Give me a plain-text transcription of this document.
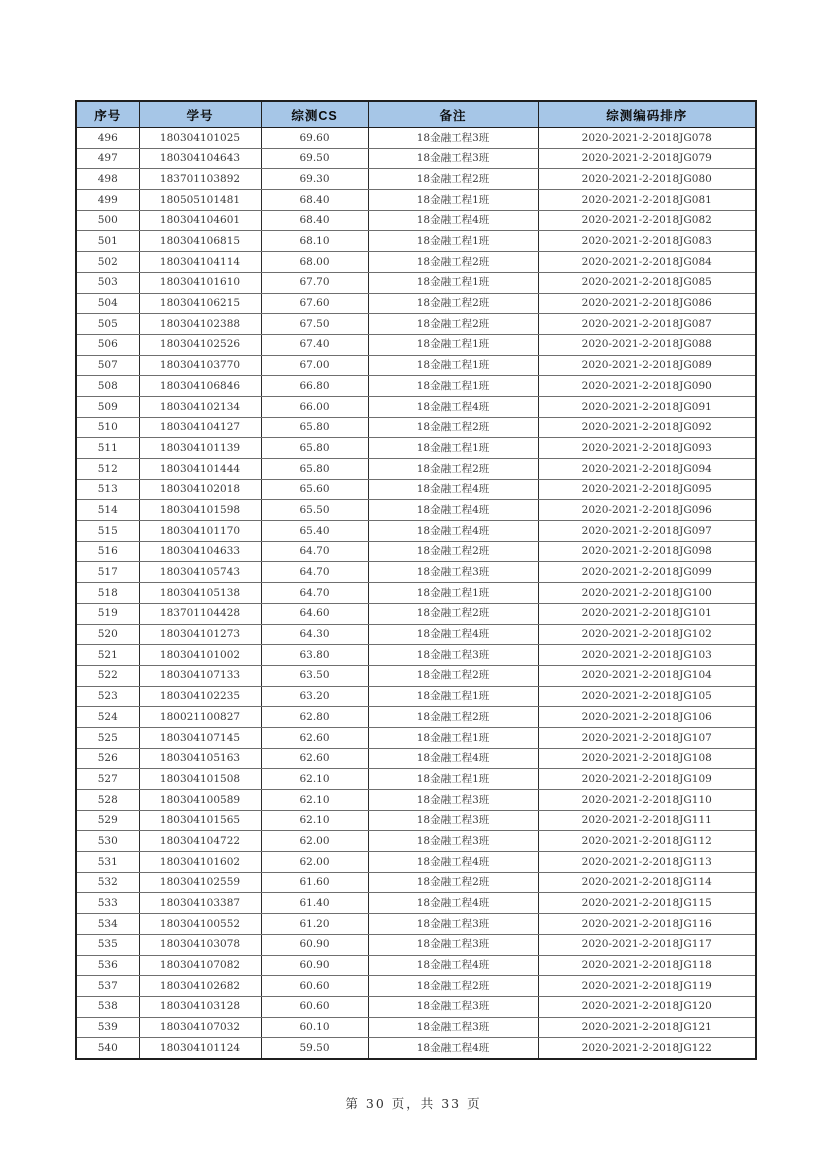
序号	学号	综测CS	备注	综测编码排序
496	180304101025	69.60	18金融工程3班	2020-2021-2-2018JG078
497	180304104643	69.50	18金融工程3班	2020-2021-2-2018JG079
498	183701103892	69.30	18金融工程2班	2020-2021-2-2018JG080
499	180505101481	68.40	18金融工程1班	2020-2021-2-2018JG081
500	180304104601	68.40	18金融工程4班	2020-2021-2-2018JG082
501	180304106815	68.10	18金融工程1班	2020-2021-2-2018JG083
502	180304104114	68.00	18金融工程2班	2020-2021-2-2018JG084
503	180304101610	67.70	18金融工程1班	2020-2021-2-2018JG085
504	180304106215	67.60	18金融工程2班	2020-2021-2-2018JG086
505	180304102388	67.50	18金融工程2班	2020-2021-2-2018JG087
506	180304102526	67.40	18金融工程1班	2020-2021-2-2018JG088
507	180304103770	67.00	18金融工程1班	2020-2021-2-2018JG089
508	180304106846	66.80	18金融工程1班	2020-2021-2-2018JG090
509	180304102134	66.00	18金融工程4班	2020-2021-2-2018JG091
510	180304104127	65.80	18金融工程2班	2020-2021-2-2018JG092
511	180304101139	65.80	18金融工程1班	2020-2021-2-2018JG093
512	180304101444	65.80	18金融工程2班	2020-2021-2-2018JG094
513	180304102018	65.60	18金融工程4班	2020-2021-2-2018JG095
514	180304101598	65.50	18金融工程4班	2020-2021-2-2018JG096
515	180304101170	65.40	18金融工程4班	2020-2021-2-2018JG097
516	180304104633	64.70	18金融工程2班	2020-2021-2-2018JG098
517	180304105743	64.70	18金融工程3班	2020-2021-2-2018JG099
518	180304105138	64.70	18金融工程1班	2020-2021-2-2018JG100
519	183701104428	64.60	18金融工程2班	2020-2021-2-2018JG101
520	180304101273	64.30	18金融工程4班	2020-2021-2-2018JG102
521	180304101002	63.80	18金融工程3班	2020-2021-2-2018JG103
522	180304107133	63.50	18金融工程2班	2020-2021-2-2018JG104
523	180304102235	63.20	18金融工程1班	2020-2021-2-2018JG105
524	180021100827	62.80	18金融工程2班	2020-2021-2-2018JG106
525	180304107145	62.60	18金融工程1班	2020-2021-2-2018JG107
526	180304105163	62.60	18金融工程4班	2020-2021-2-2018JG108
527	180304101508	62.10	18金融工程1班	2020-2021-2-2018JG109
528	180304100589	62.10	18金融工程3班	2020-2021-2-2018JG110
529	180304101565	62.10	18金融工程3班	2020-2021-2-2018JG111
530	180304104722	62.00	18金融工程3班	2020-2021-2-2018JG112
531	180304101602	62.00	18金融工程4班	2020-2021-2-2018JG113
532	180304102559	61.60	18金融工程2班	2020-2021-2-2018JG114
533	180304103387	61.40	18金融工程4班	2020-2021-2-2018JG115
534	180304100552	61.20	18金融工程3班	2020-2021-2-2018JG116
535	180304103078	60.90	18金融工程3班	2020-2021-2-2018JG117
536	180304107082	60.90	18金融工程4班	2020-2021-2-2018JG118
537	180304102682	60.60	18金融工程2班	2020-2021-2-2018JG119
538	180304103128	60.60	18金融工程3班	2020-2021-2-2018JG120
539	180304107032	60.10	18金融工程3班	2020-2021-2-2018JG121
540	180304101124	59.50	18金融工程4班	2020-2021-2-2018JG122
第 30 页，共 33 页
